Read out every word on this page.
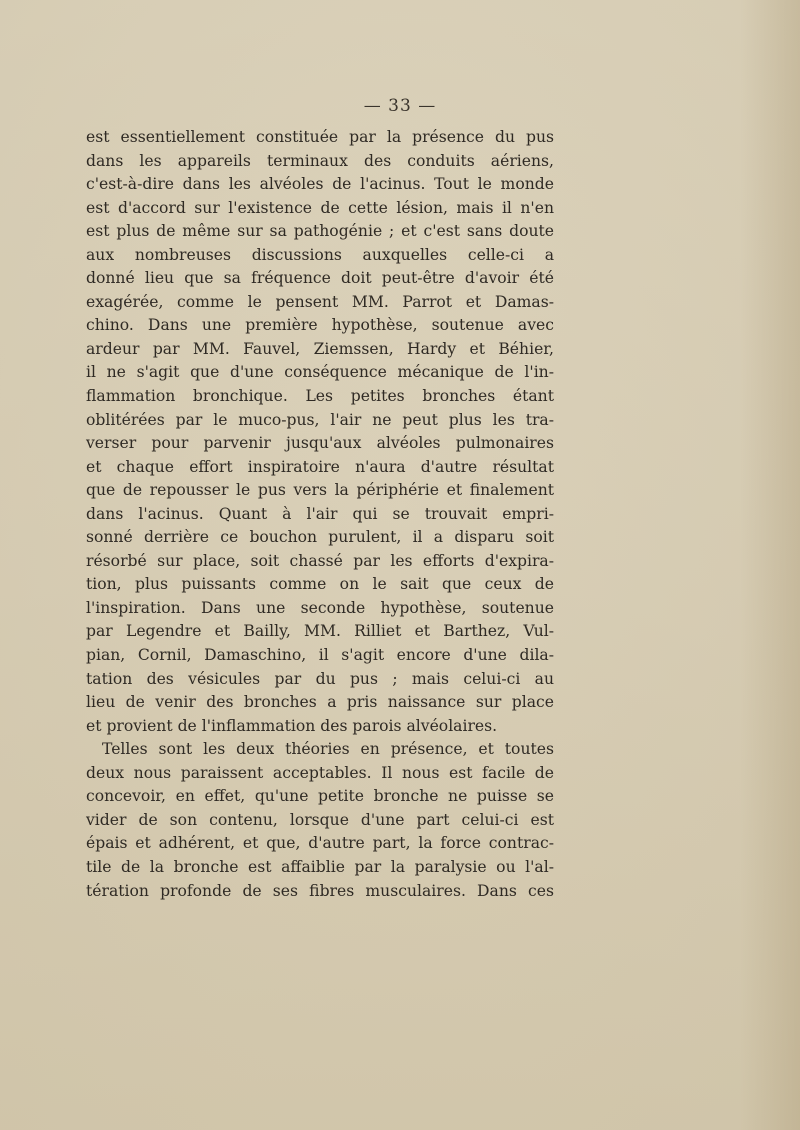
— 33 —
est essentiellement constituée par la présence du pus
dans les appareils terminaux des conduits aériens,
c'est-à-dire dans les alvéoles de l'acinus. Tout le monde
est d'accord sur l'existence de cette lésion, mais il n'en
est plus de même sur sa pathogénie ; et c'est sans doute
aux nombreuses discussions auxquelles celle-ci a
donné lieu que sa fréquence doit peut-être d'avoir été
exagérée, comme le pensent MM. Parrot et Damas-
chino. Dans une première hypothèse, soutenue avec
ardeur par MM. Fauvel, Ziemssen, Hardy et Béhier,
il ne s'agit que d'une conséquence mécanique de l'in-
flammation bronchique. Les petites bronches étant
oblitérées par le muco-pus, l'air ne peut plus les tra-
verser pour parvenir jusqu'aux alvéoles pulmonaires
et chaque effort inspiratoire n'aura d'autre résultat
que de repousser le pus vers la périphérie et finalement
dans l'acinus. Quant à l'air qui se trouvait empri-
sonné derrière ce bouchon purulent, il a disparu soit
résorbé sur place, soit chassé par les efforts d'expira-
tion, plus puissants comme on le sait que ceux de
l'inspiration. Dans une seconde hypothèse, soutenue
par Legendre et Bailly, MM. Rilliet et Barthez, Vul-
pian, Cornil, Damaschino, il s'agit encore d'une dila-
tation des vésicules par du pus ; mais celui-ci au
lieu de venir des bronches a pris naissance sur place
et provient de l'inflammation des parois alvéolaires.
Telles sont les deux théories en présence, et toutes
deux nous paraissent acceptables. Il nous est facile de
concevoir, en effet, qu'une petite bronche ne puisse se
vider de son contenu, lorsque d'une part celui-ci est
épais et adhérent, et que, d'autre part, la force contrac-
tile de la bronche est affaiblie par la paralysie ou l'al-
tération profonde de ses fibres musculaires. Dans ces
